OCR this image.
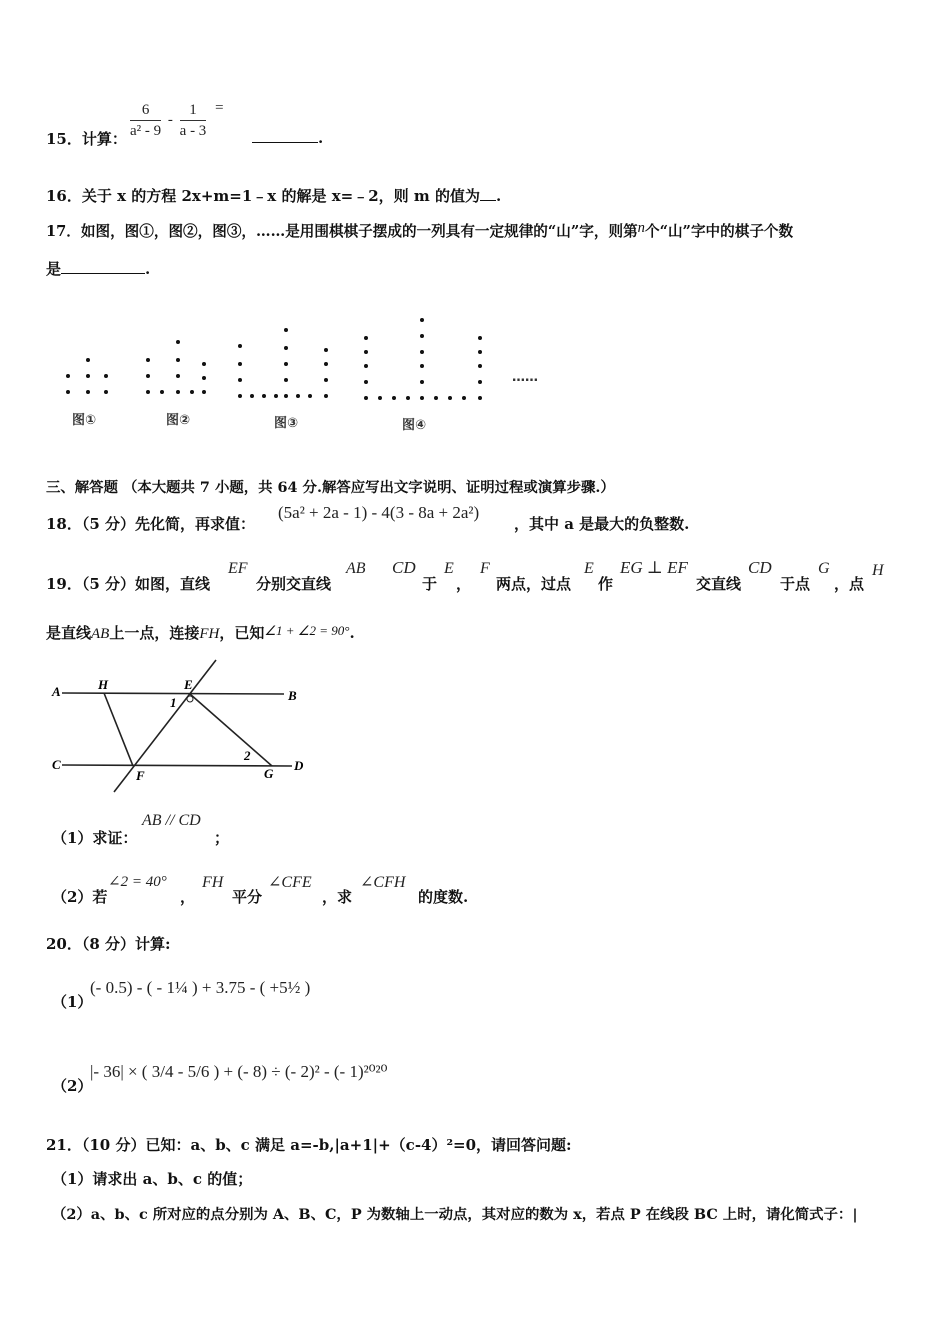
15．计算： $\frac{6}{\text{a² - 9}} - \frac{1}{a - 3}$ =
.
16．关于 x 的方程 2x+m=1﹣x 的解是 x=﹣2，则 m 的值为 .
17．如图，图①，图②，图③，……是用围棋棋子摆成的一列具有一定规律的“山”字，则第n个“山”字中的棋子个数
是	.
图①	图②	图③	图④
……
三、解答题 （本大题共 7 小题，共 64 分.解答应写出文字说明、证明过程或演算步骤.）
18．（5 分）先化简，再求值：
(5a² + 2a - 1) - 4(3 - 8a + 2a²)
，其中 a 是最大的负整数.
19．（5 分）如图，直线
EF
分别交直线
AB CD
于
E
，
F
两点，过点
E
作
EG ⊥ EF
交直线
CD
于点
G
，点
H
是直线AB上一点，连接FH，已知∠1 + ∠2 = 90°.
A	H	E
B
1
C
F
2
G
D
（1）求证：
AB // CD
；
（2）若
∠2 = 40°
，
FH
平分
∠CFE
，求
∠CFH
的度数.
20．（8 分）计算:
（1）
(- 0.5) - ( - 1¼ ) + 3.75 - ( +5½ )
（2）
|- 36| × ( 3/4 - 5/6 ) + (- 8) ÷ (- 2)² - (- 1)²⁰²⁰
21．（10 分）已知：a、b、c 满足 a=-b,|a+1|+（c-4）²=0，请回答问题:
（1）请求出 a、b、c 的值；
（2）a、b、c 所对应的点分别为 A、B、C，P 为数轴上一动点，其对应的数为 x，若点 P 在线段 BC 上时，请化简式子：|
